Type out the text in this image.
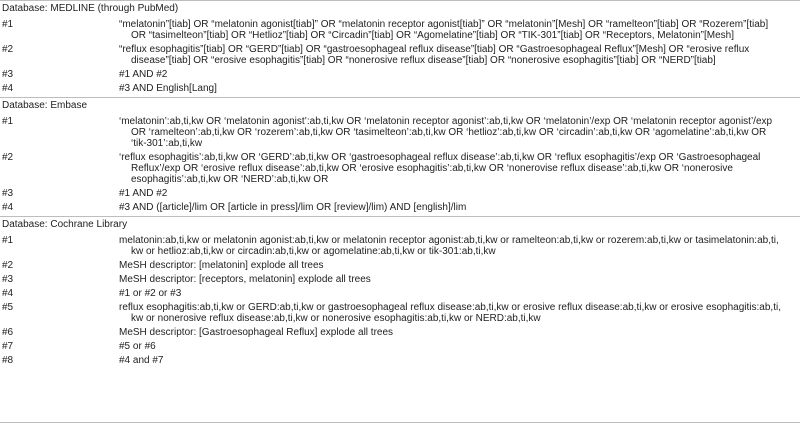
Database: MEDLINE (through PubMed)
#1	“melatonin”[tiab] OR “melatonin agonist[tiab]” OR “melatonin receptor agonist[tiab]” OR “melatonin”[Mesh] OR “ramelteon”[tiab] OR “Rozerem”[tiab]
OR “tasimelteon”[tiab] OR “Hetlioz”[tiab] OR “Circadin”[tiab] OR “Agomelatine”[tiab] OR “TIK-301”[tiab] OR “Receptors, Melatonin”[Mesh]
#2	“reflux esophagitis”[tiab] OR “GERD”[tiab] OR “gastroesophageal reflux disease”[tiab] OR “Gastroesophageal Reflux”[Mesh] OR “erosive reflux
disease”[tiab] OR “erosive esophagitis”[tiab] OR “nonerosive reflux disease”[tiab] OR “nonerosive esophagitis”[tiab] OR “NERD”[tiab]
#3	#1 AND #2
#4	#3 AND English[Lang]
Database: Embase
#1	‘melatonin’:ab,ti,kw OR ‘melatonin agonist’:ab,ti,kw OR ‘melatonin receptor agonist’:ab,ti,kw OR ‘melatonin’/exp OR ‘melatonin receptor agonist’/exp
OR ‘ramelteon’:ab,ti,kw OR ‘rozerem’:ab,ti,kw OR ‘tasimelteon’:ab,ti,kw OR ‘hetlioz’:ab,ti,kw OR ‘circadin’:ab,ti,kw OR ‘agomelatine’:ab,ti,kw OR
‘tik-301’:ab,ti,kw
#2	‘reflux esophagitis’:ab,ti,kw OR ‘GERD’:ab,ti,kw OR ‘gastroesophageal reflux disease’:ab,ti,kw OR ‘reflux esophagitis’/exp OR ‘Gastroesophageal
Reflux’/exp OR ‘erosive reflux disease’:ab,ti,kw OR ‘erosive esophagitis’:ab,ti,kw OR ‘nonerovise reflux disease’:ab,ti,kw OR ‘nonerosive
esophagitis’:ab,ti,kw OR ‘NERD’:ab,ti,kw OR
#3	#1 AND #2
#4	#3 AND ([article]/lim OR [article in press]/lim OR [review]/lim) AND [english]/lim
Database: Cochrane Library
#1	melatonin:ab,ti,kw or melatonin agonist:ab,ti,kw or melatonin receptor agonist:ab,ti,kw or ramelteon:ab,ti,kw or rozerem:ab,ti,kw or tasimelatonin:ab,ti,
kw or hetlioz:ab,ti,kw or circadin:ab,ti,kw or agomelatine:ab,ti,kw or tik-301:ab,ti,kw
#2	MeSH descriptor: [melatonin] explode all trees
#3	MeSH descriptor: [receptors, melatonin] explode all trees
#4	#1 or #2 or #3
#5	reflux esophagitis:ab,ti,kw or GERD:ab,ti,kw or gastroesophageal reflux disease:ab,ti,kw or erosive reflux disease:ab,ti,kw or erosive esophagitis:ab,ti,
kw or nonerosive reflux disease:ab,ti,kw or nonerosive esophagitis:ab,ti,kw or NERD:ab,ti,kw
#6	MeSH descriptor: [Gastroesophageal Reflux] explode all trees
#7	#5 or #6
#8	#4 and #7
